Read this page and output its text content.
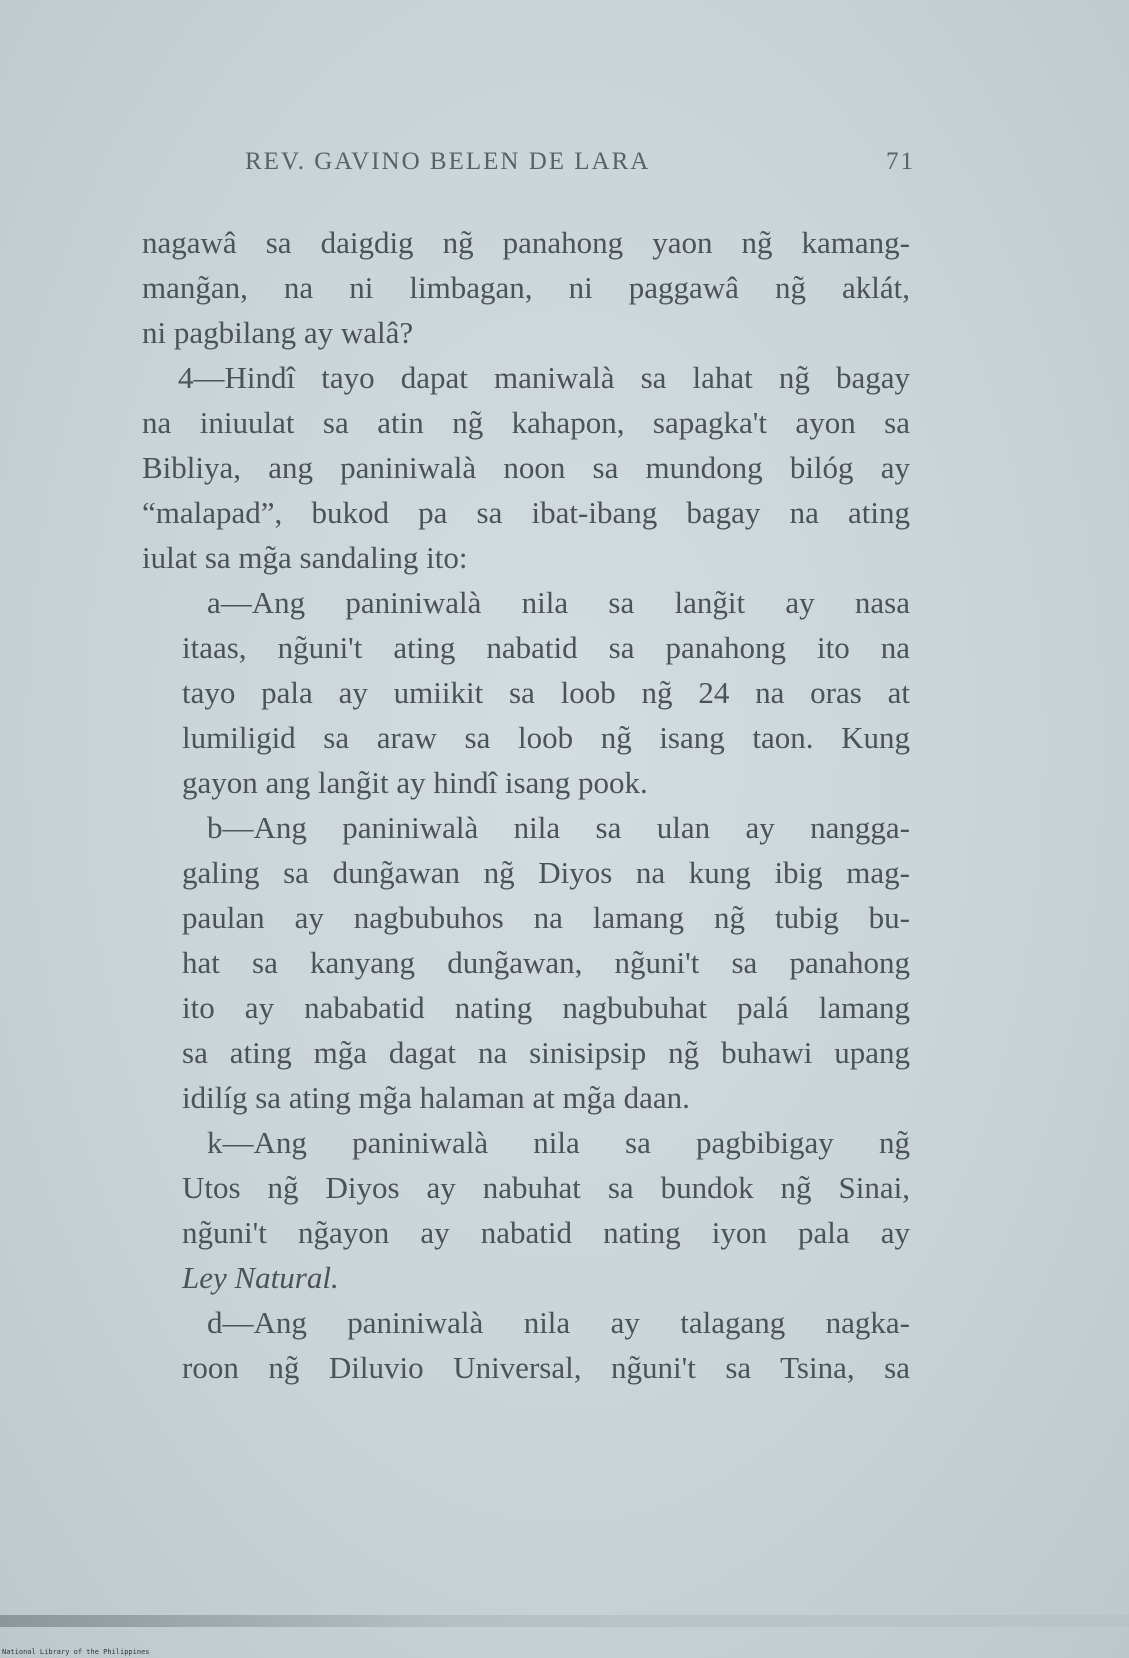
REV. GAVINO BELEN DE LARA	71
nagawâ sa daigdig ng̃ panahong yaon ng̃ kamang-
mang̃an, na ni limbagan, ni paggawâ ng̃ aklát,
ni pagbilang ay walâ?
4—Hindî tayo dapat maniwalà sa lahat ng̃ bagay
na iniuulat sa atin ng̃ kahapon, sapagka't ayon sa
Bibliya, ang paniniwalà noon sa mundong bilóg ay
“malapad”, bukod pa sa ibat-ibang bagay na ating
iulat sa mg̃a sandaling ito:
a—Ang paniniwalà nila sa lang̃it ay nasa
itaas, ng̃uni't ating nabatid sa panahong ito na
tayo pala ay umiikit sa loob ng̃ 24 na oras at
lumiligid sa araw sa loob ng̃ isang taon. Kung
gayon ang lang̃it ay hindî isang pook.
b—Ang paniniwalà nila sa ulan ay nangga-
galing sa dung̃awan ng̃ Diyos na kung ibig mag-
paulan ay nagbubuhos na lamang ng̃ tubig bu-
hat sa kanyang dung̃awan, ng̃uni't sa panahong
ito ay nababatid nating nagbubuhat palá lamang
sa ating mg̃a dagat na sinisipsip ng̃ buhawi upang
idilíg sa ating mg̃a halaman at mg̃a daan.
k—Ang paniniwalà nila sa pagbibigay ng̃
Utos ng̃ Diyos ay nabuhat sa bundok ng̃ Sinai,
ng̃uni't ng̃ayon ay nabatid nating iyon pala ay
Ley Natural.
d—Ang paniniwalà nila ay talagang nagka-
roon ng̃ Diluvio Universal, ng̃uni't sa Tsina, sa
National Library of the Philippines
